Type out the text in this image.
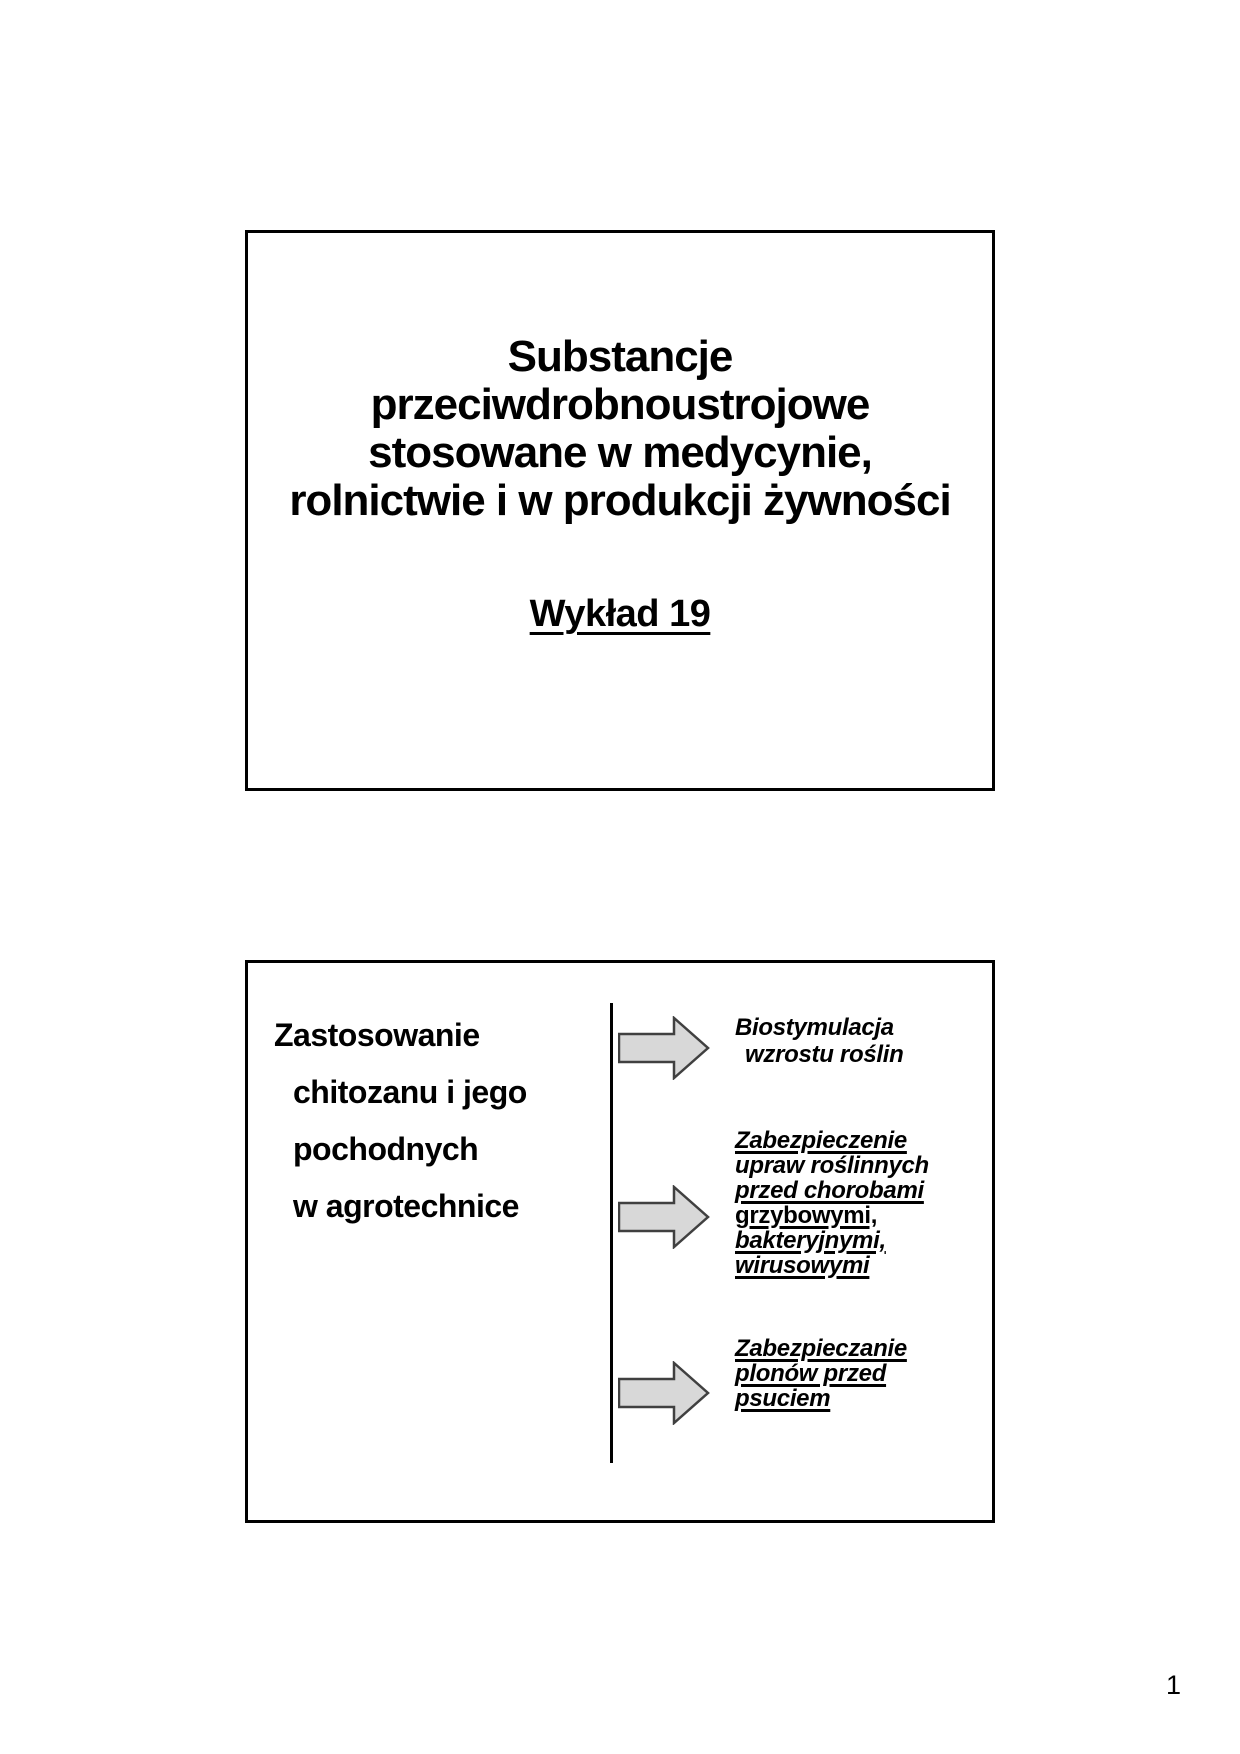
Substancje
przeciwdrobnoustrojowe
stosowane w medycynie,
rolnictwie i w produkcji żywności
Wykład 19
Zastosowanie
chitozanu i jego
pochodnych
w agrotechnice
Biostymulacja
wzrostu roślin
Zabezpieczenie
upraw roślinnych
przed chorobami
grzybowymi,
bakteryjnymi,
wirusowymi
Zabezpieczanie
plonów przed
psuciem
1
